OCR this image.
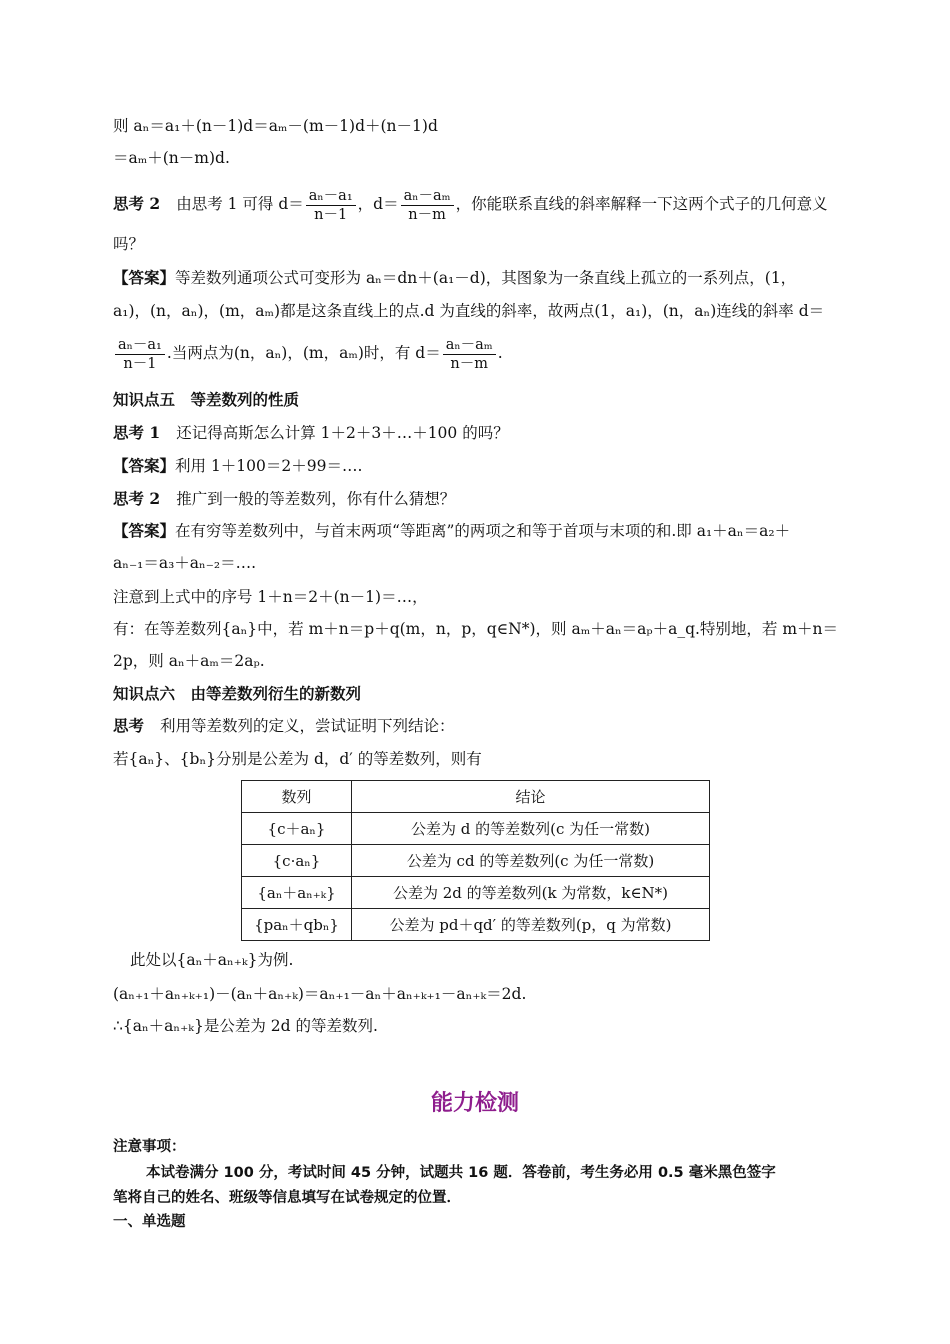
则 aₙ＝a₁＋(n－1)d＝aₘ－(m－1)d＋(n－1)d
＝aₘ＋(n－m)d.
思考 2 由思考 1 可得 $d= \frac{\text{aₙ－a₁}}{n-1}$ ，$d= \frac{\text{aₙ－aₘ}}{n-m}$ ，你能联系直线的斜率解释一下这两个式子的几何意义
吗？
【答案】等差数列通项公式可变形为 aₙ＝dn＋(a₁－d)，其图象为一条直线上孤立的一系列点，(1，
a₁)，(n，aₙ)，(m，aₘ)都是这条直线上的点.d 为直线的斜率，故两点(1，a₁)，(n，aₙ)连线的斜率 d＝
$\frac{\text{aₙ－a₁}}{n-1}$ .当两点为(n，aₙ)，(m，aₘ)时，有 $d= \frac{\text{aₙ－aₘ}}{n-m}$ .
知识点五　等差数列的性质
思考 1 还记得高斯怎么计算 1＋2＋3＋…＋100 的吗？
【答案】利用 1＋100＝2＋99＝….
思考 2 推广到一般的等差数列，你有什么猜想？
【答案】在有穷等差数列中，与首末两项“等距离”的两项之和等于首项与末项的和.即 a₁＋aₙ＝a₂＋
aₙ₋₁＝a₃＋aₙ₋₂＝….
注意到上式中的序号 1＋n＝2＋(n－1)＝…，
有：在等差数列{aₙ}中，若 m＋n＝p＋q(m，n，p，q∈N*)，则 aₘ＋aₙ＝aₚ＋a_q.特别地，若 m＋n＝
2p，则 aₙ＋aₘ＝2aₚ.
知识点六　由等差数列衍生的新数列
思考 利用等差数列的定义，尝试证明下列结论：
若{aₙ}、{bₙ}分别是公差为 d，d′ 的等差数列，则有
数列	结论
{c＋aₙ}	公差为 d 的等差数列(c 为任一常数)
{c·aₙ}	公差为 cd 的等差数列(c 为任一常数)
{aₙ＋aₙ₊ₖ}	公差为 2d 的等差数列(k 为常数，k∈N*)
{paₙ＋qbₙ}	公差为 pd＋qd′ 的等差数列(p，q 为常数)
此处以{aₙ＋aₙ₊ₖ}为例.
(aₙ₊₁＋aₙ₊ₖ₊₁)－(aₙ＋aₙ₊ₖ)＝aₙ₊₁－aₙ＋aₙ₊ₖ₊₁－aₙ₊ₖ＝2d.
∴{aₙ＋aₙ₊ₖ}是公差为 2d 的等差数列.
能力检测
注意事项：
本试卷满分 100 分，考试时间 45 分钟，试题共 16 题．答卷前，考生务必用 0.5 毫米黑色签字
笔将自己的姓名、班级等信息填写在试卷规定的位置．
一、单选题
